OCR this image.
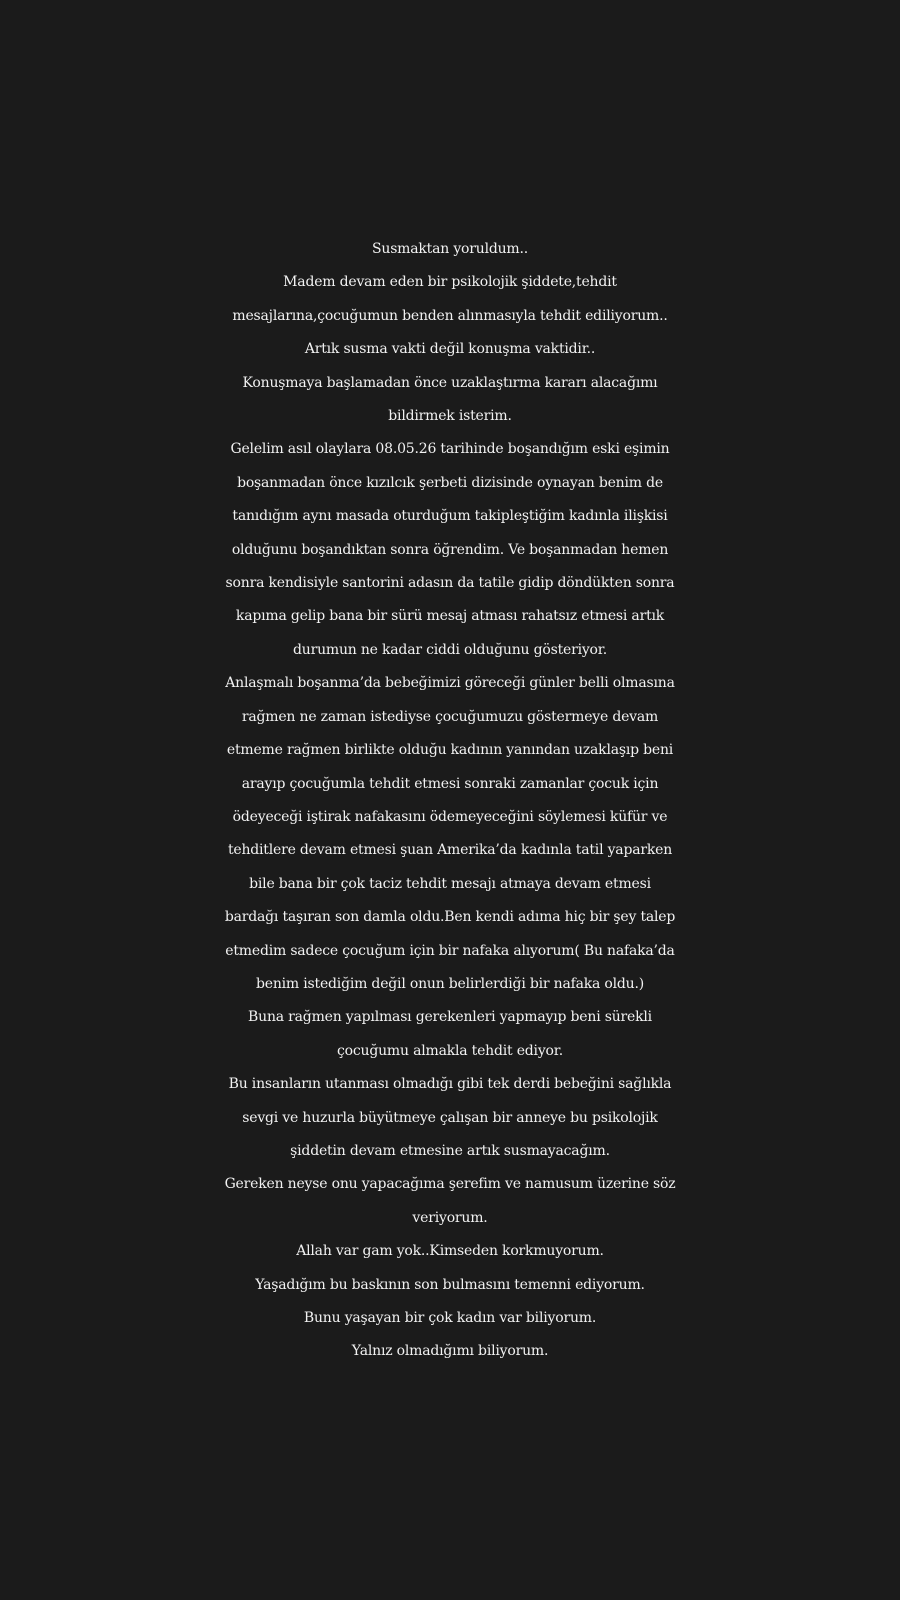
Susmaktan yoruldum..
Madem devam eden bir psikolojik şiddete,tehdit
mesajlarına,çocuğumun benden alınmasıyla tehdit ediliyorum..
Artık susma vakti değil konuşma vaktidir..
Konuşmaya başlamadan önce uzaklaştırma kararı alacağımı
bildirmek isterim.
Gelelim asıl olaylara 08.05.26 tarihinde boşandığım eski eşimin
boşanmadan önce kızılcık şerbeti dizisinde oynayan benim de
tanıdığım aynı masada oturduğum takipleştiğim kadınla ilişkisi
olduğunu boşandıktan sonra öğrendim. Ve boşanmadan hemen
sonra kendisiyle santorini adasın da tatile gidip döndükten sonra
kapıma gelip bana bir sürü mesaj atması rahatsız etmesi artık
durumun ne kadar ciddi olduğunu gösteriyor.
Anlaşmalı boşanma’da bebeğimizi göreceği günler belli olmasına
rağmen ne zaman istediyse çocuğumuzu göstermeye devam
etmeme rağmen birlikte olduğu kadının yanından uzaklaşıp beni
arayıp çocuğumla tehdit etmesi sonraki zamanlar çocuk için
ödeyeceği iştirak nafakasını ödemeyeceğini söylemesi küfür ve
tehditlere devam etmesi şuan Amerika’da kadınla tatil yaparken
bile bana bir çok taciz tehdit mesajı atmaya devam etmesi
bardağı taşıran son damla oldu.Ben kendi adıma hiç bir şey talep
etmedim sadece çocuğum için bir nafaka alıyorum( Bu nafaka’da
benim istediğim değil onun belirlerdiği bir nafaka oldu.)
Buna rağmen yapılması gerekenleri yapmayıp beni sürekli
çocuğumu almakla tehdit ediyor.
Bu insanların utanması olmadığı gibi tek derdi bebeğini sağlıkla
sevgi ve huzurla büyütmeye çalışan bir anneye bu psikolojik
şiddetin devam etmesine artık susmayacağım.
Gereken neyse onu yapacağıma şerefim ve namusum üzerine söz
veriyorum.
Allah var gam yok..Kimseden korkmuyorum.
Yaşadığım bu baskının son bulmasını temenni ediyorum.
Bunu yaşayan bir çok kadın var biliyorum.
Yalnız olmadığımı biliyorum.
